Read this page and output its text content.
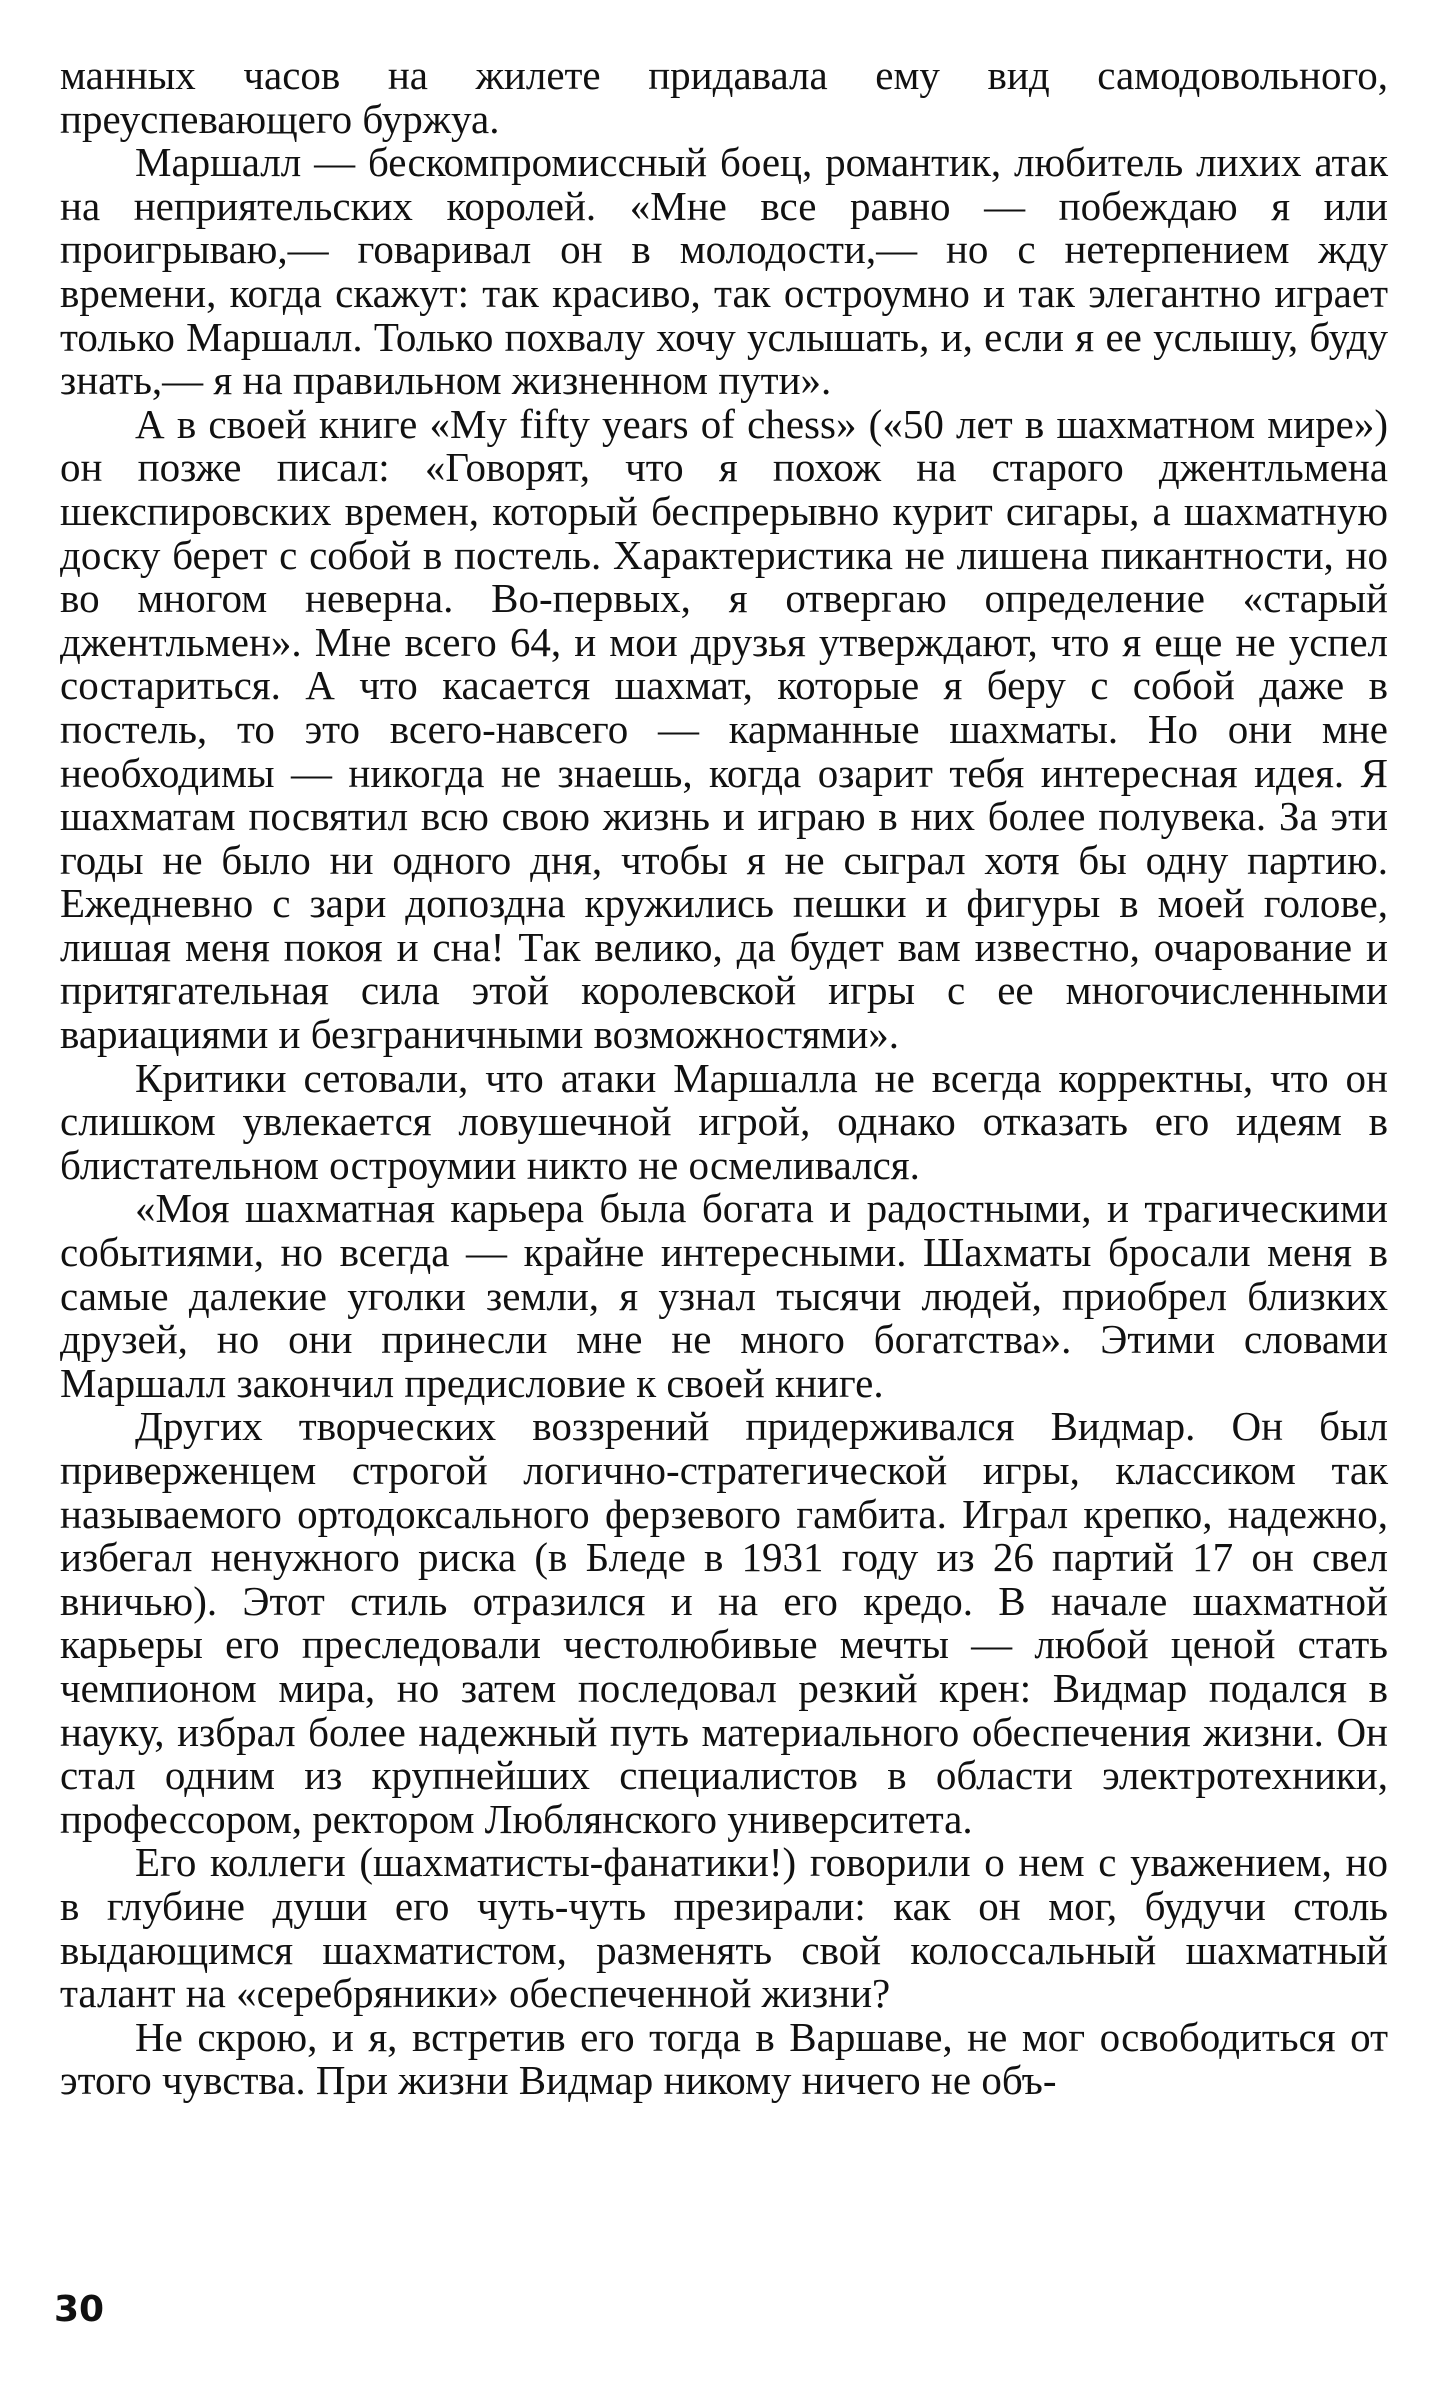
манных часов на жилете придавала ему вид самодовольного, преуспевающего буржуа.

Маршалл — бескомпромиссный боец, романтик, любитель лихих атак на неприятельских королей. «Мне все равно — побеждаю я или проигрываю,— говаривал он в молодости,— но с нетерпением жду времени, когда скажут: так красиво, так остроумно и так элегантно играет только Маршалл. Только похвалу хочу услышать, и, если я ее услышу, буду знать,— я на правильном жизненном пути».

А в своей книге «My fifty years of chess» («50 лет в шахматном мире») он позже писал: «Говорят, что я похож на старого джентльмена шекспировских времен, который беспрерывно курит сигары, а шахматную доску берет с собой в постель. Характеристика не лишена пикантности, но во многом неверна. Во-первых, я отвергаю определение «старый джентльмен». Мне всего 64, и мои друзья утверждают, что я еще не успел состариться. А что касается шахмат, которые я беру с собой даже в постель, то это всего-навсего — карманные шахматы. Но они мне необходимы — никогда не знаешь, когда озарит тебя интересная идея. Я шахматам посвятил всю свою жизнь и играю в них более полувека. За эти годы не было ни одного дня, чтобы я не сыграл хотя бы одну партию. Ежедневно с зари допоздна кружились пешки и фигуры в моей голове, лишая меня покоя и сна! Так велико, да будет вам известно, очарование и притягательная сила этой королевской игры с ее многочисленными вариациями и безграничными возможностями».

Критики сетовали, что атаки Маршалла не всегда корректны, что он слишком увлекается ловушечной игрой, однако отказать его идеям в блистательном остроумии никто не осмеливался.

«Моя шахматная карьера была богата и радостными, и трагическими событиями, но всегда — крайне интересными. Шахматы бросали меня в самые далекие уголки земли, я узнал тысячи людей, приобрел близких друзей, но они принесли мне не много богатства». Этими словами Маршалл закончил предисловие к своей книге.

Других творческих воззрений придерживался Видмар. Он был приверженцем строгой логично-стратегической игры, классиком так называемого ортодоксального ферзевого гамбита. Играл крепко, надежно, избегал ненужного риска (в Бледе в 1931 году из 26 партий 17 он свел вничью). Этот стиль отразился и на его кредо. В начале шахматной карьеры его преследовали честолюбивые мечты — любой ценой стать чемпионом мира, но затем последовал резкий крен: Видмар подался в науку, избрал более надежный путь материального обеспечения жизни. Он стал одним из крупнейших специалистов в области электротехники, профессором, ректором Люблянского университета.

Его коллеги (шахматисты-фанатики!) говорили о нем с уважением, но в глубине души его чуть-чуть презирали: как он мог, будучи столь выдающимся шахматистом, разменять свой колоссальный шахматный талант на «серебряники» обеспеченной жизни?

Не скрою, и я, встретив его тогда в Варшаве, не мог освободиться от этого чувства. При жизни Видмар никому ничего не объ-

30
